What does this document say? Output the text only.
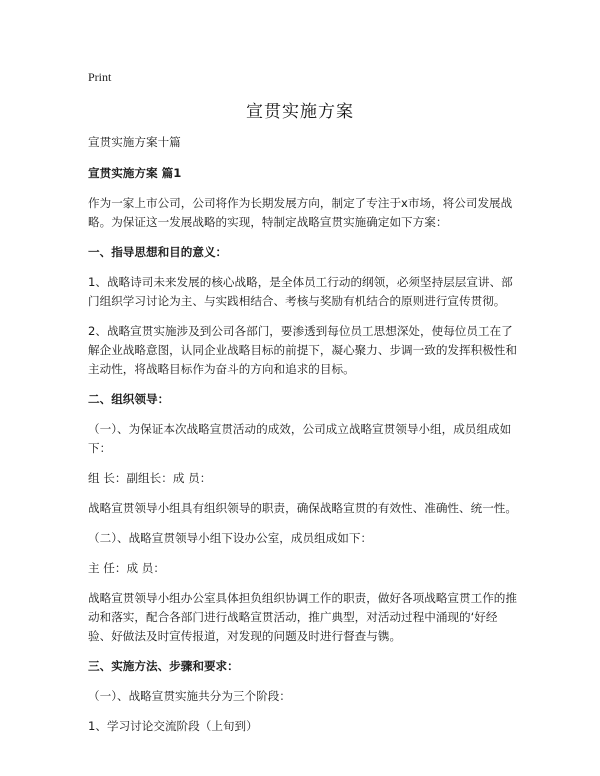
Print
宣贯实施方案

宣贯实施方案十篇

宣贯实施方案 篇1

作为一家上市公司，公司将作为长期发展方向，制定了专注于x市场，将公司发展战略。为保证这一发展战略的实现，特制定战略宣贯实施确定如下方案：

一、指导思想和目的意义：

1、战略诗司未来发展的核心战略，是全体员工行动的纲领，必须坚持层层宣讲、部门组织学习讨论为主、与实践相结合、考核与奖励有机结合的原则进行宣传贯彻。

2、战略宣贯实施涉及到公司各部门，要渗透到每位员工思想深处，使每位员工在了解企业战略意图，认同企业战略目标的前提下，凝心聚力、步调一致的发挥积极性和主动性，将战略目标作为奋斗的方向和追求的目标。

二、组织领导：

（一）、为保证本次战略宣贯活动的成效，公司成立战略宣贯领导小组，成员组成如下：

组 长：副组长：成 员：

战略宣贯领导小组具有组织领导的职责，确保战略宣贯的有效性、准确性、统一性。

（二）、战略宣贯领导小组下设办公室，成员组成如下：

主 任：成 员：

战略宣贯领导小组办公室具体担负组织协调工作的职责，做好各项战略宣贯工作的推动和落实，配合各部门进行战略宣贯活动，推广典型，对活动过程中涌现的‘好经验、好做法及时宣传报道，对发现的问题及时进行督查与镌。

三、实施方法、步骤和要求：

（一）、战略宣贯实施共分为三个阶段：

1、学习讨论交流阶段（上旬到）
